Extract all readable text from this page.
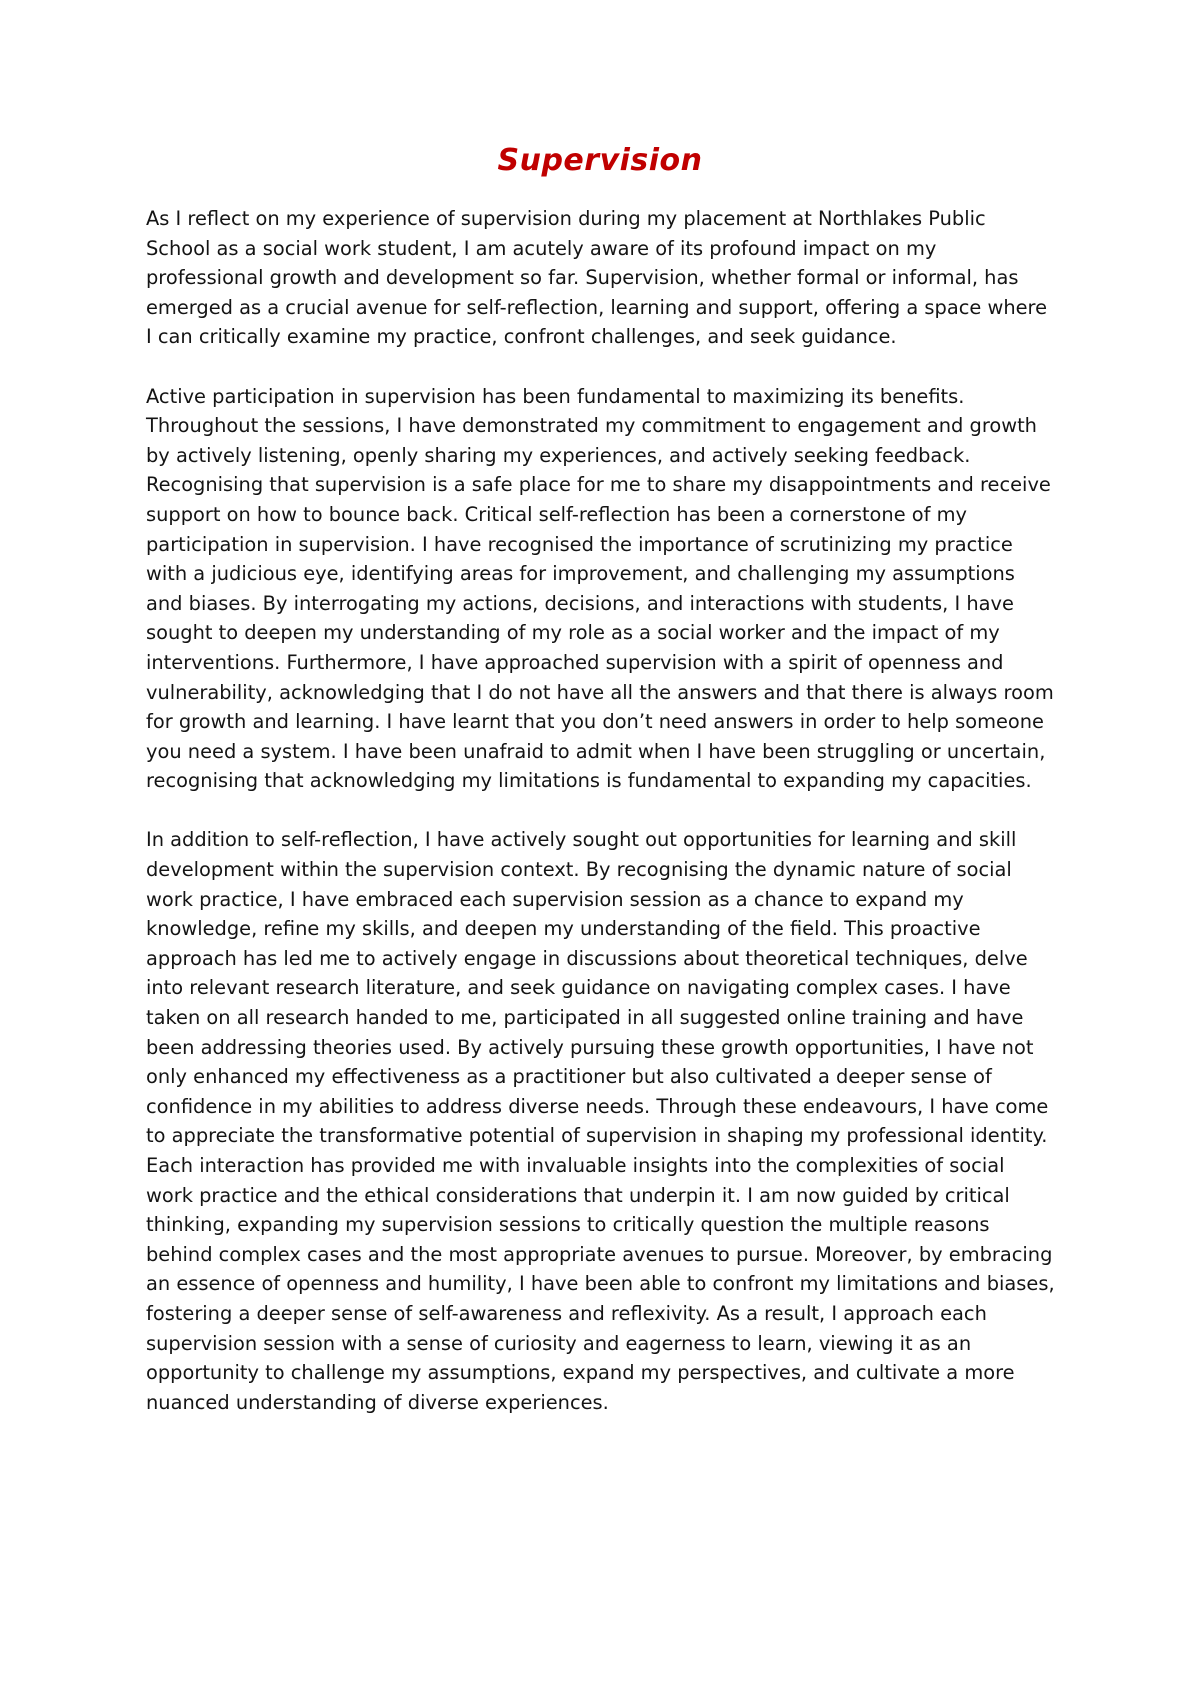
Supervision

As I reflect on my experience of supervision during my placement at Northlakes Public
School as a social work student, I am acutely aware of its profound impact on my
professional growth and development so far. Supervision, whether formal or informal, has
emerged as a crucial avenue for self-reflection, learning and support, offering a space where
I can critically examine my practice, confront challenges, and seek guidance.

Active participation in supervision has been fundamental to maximizing its benefits.
Throughout the sessions, I have demonstrated my commitment to engagement and growth
by actively listening, openly sharing my experiences, and actively seeking feedback.
Recognising that supervision is a safe place for me to share my disappointments and receive
support on how to bounce back. Critical self-reflection has been a cornerstone of my
participation in supervision. I have recognised the importance of scrutinizing my practice
with a judicious eye, identifying areas for improvement, and challenging my assumptions
and biases. By interrogating my actions, decisions, and interactions with students, I have
sought to deepen my understanding of my role as a social worker and the impact of my
interventions. Furthermore, I have approached supervision with a spirit of openness and
vulnerability, acknowledging that I do not have all the answers and that there is always room
for growth and learning. I have learnt that you don’t need answers in order to help someone
you need a system. I have been unafraid to admit when I have been struggling or uncertain,
recognising that acknowledging my limitations is fundamental to expanding my capacities.

In addition to self-reflection, I have actively sought out opportunities for learning and skill
development within the supervision context. By recognising the dynamic nature of social
work practice, I have embraced each supervision session as a chance to expand my
knowledge, refine my skills, and deepen my understanding of the field. This proactive
approach has led me to actively engage in discussions about theoretical techniques, delve
into relevant research literature, and seek guidance on navigating complex cases. I have
taken on all research handed to me, participated in all suggested online training and have
been addressing theories used. By actively pursuing these growth opportunities, I have not
only enhanced my effectiveness as a practitioner but also cultivated a deeper sense of
confidence in my abilities to address diverse needs. Through these endeavours, I have come
to appreciate the transformative potential of supervision in shaping my professional identity.
Each interaction has provided me with invaluable insights into the complexities of social
work practice and the ethical considerations that underpin it. I am now guided by critical
thinking, expanding my supervision sessions to critically question the multiple reasons
behind complex cases and the most appropriate avenues to pursue. Moreover, by embracing
an essence of openness and humility, I have been able to confront my limitations and biases,
fostering a deeper sense of self-awareness and reflexivity. As a result, I approach each
supervision session with a sense of curiosity and eagerness to learn, viewing it as an
opportunity to challenge my assumptions, expand my perspectives, and cultivate a more
nuanced understanding of diverse experiences.
